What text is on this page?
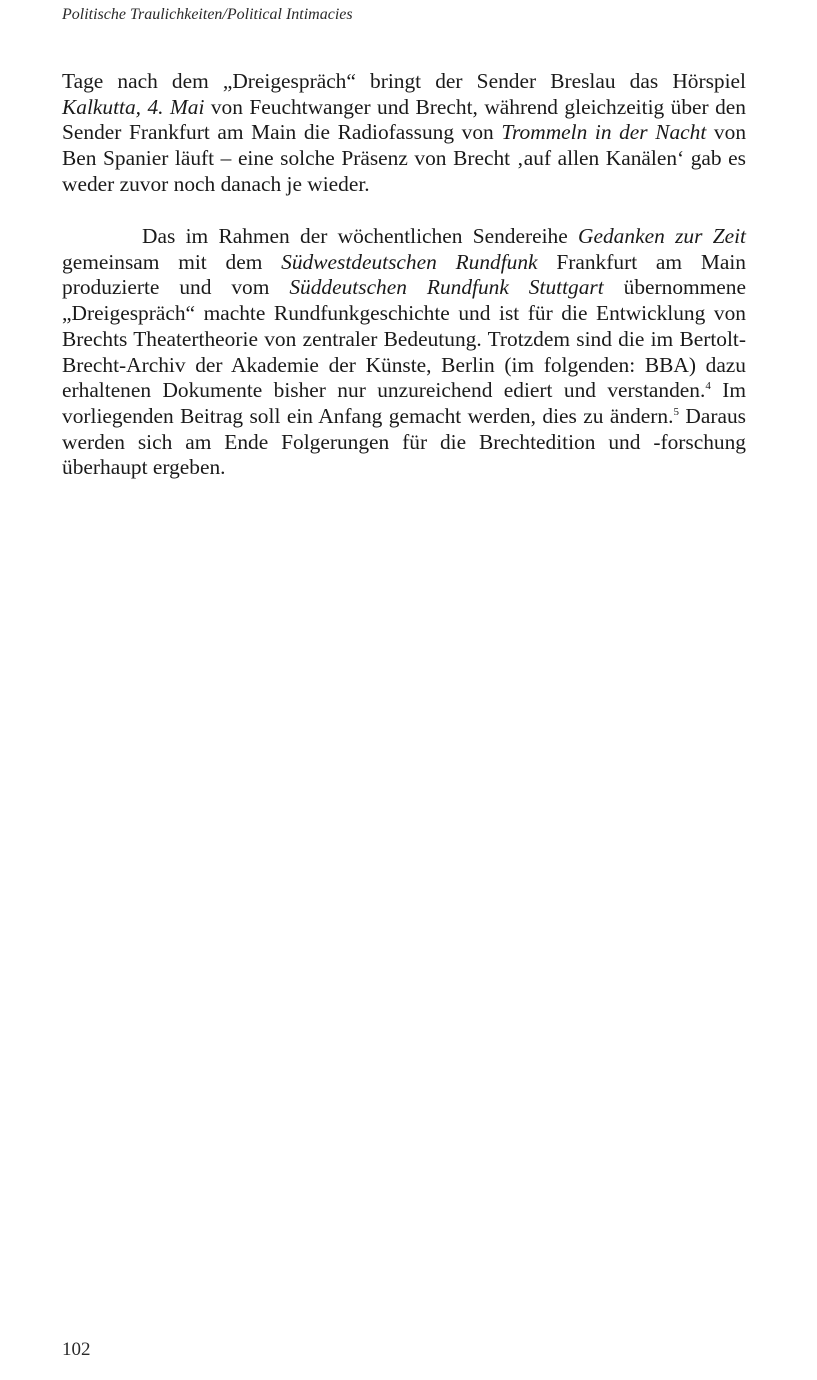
Politische Traulichkeiten/Political Intimacies

Tage nach dem „Dreigespräch“ bringt der Sender Breslau das Hörspiel Kalkutta, 4. Mai von Feuchtwanger und Brecht, während gleichzeitig über den Sender Frankfurt am Main die Radiofassung von Trommeln in der Nacht von Ben Spanier läuft – eine solche Präsenz von Brecht ‚auf allen Kanälen‘ gab es weder zuvor noch danach je wieder.

Das im Rahmen der wöchentlichen Sendereihe Gedanken zur Zeit gemeinsam mit dem Südwestdeutschen Rundfunk Frankfurt am Main produzierte und vom Süddeutschen Rundfunk Stuttgart übernommene „Dreigespräch“ machte Rundfunkgeschichte und ist für die Entwicklung von Brechts Theatertheorie von zentraler Bedeutung. Trotzdem sind die im Bertolt-Brecht-Archiv der Akademie der Künste, Berlin (im folgenden: BBA) dazu erhaltenen Dokumente bisher nur unzureichend ediert und verstanden.$^4$ Im vorliegenden Beitrag soll ein Anfang gemacht werden, dies zu ändern.$^5$ Daraus werden sich am Ende Folgerungen für die Brechtedition und -forschung überhaupt ergeben.

102
